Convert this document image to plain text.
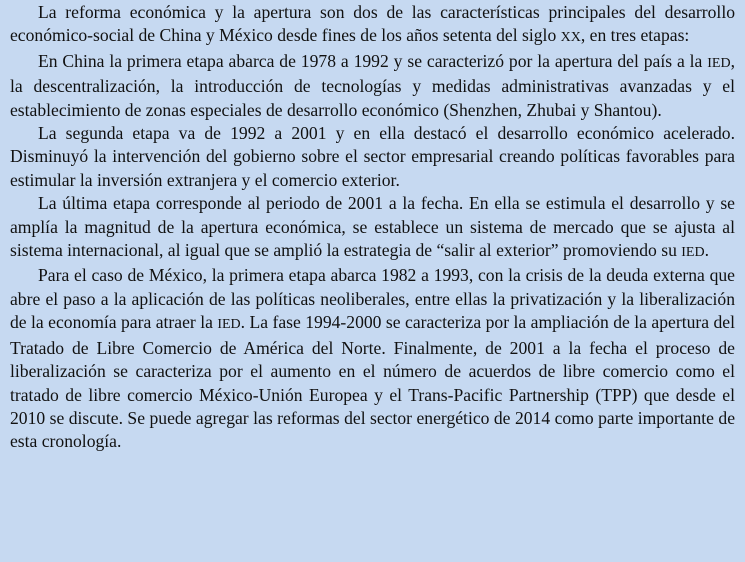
La reforma económica y la apertura son dos de las características principales del desarrollo económico-social de China y México desde fines de los años setenta del siglo XX, en tres etapas:

En China la primera etapa abarca de 1978 a 1992 y se caracterizó por la apertura del país a la IED, la descentralización, la introducción de tecnologías y medidas administrativas avanzadas y el establecimiento de zonas especiales de desarrollo económico (Shenzhen, Zhubai y Shantou).

La segunda etapa va de 1992 a 2001 y en ella destacó el desarrollo económico acelerado. Disminuyó la intervención del gobierno sobre el sector empresarial creando políticas favorables para estimular la inversión extranjera y el comercio exterior.

La última etapa corresponde al periodo de 2001 a la fecha. En ella se estimula el desarrollo y se amplía la magnitud de la apertura económica, se establece un sistema de mercado que se ajusta al sistema internacional, al igual que se amplió la estrategia de “salir al exterior” promoviendo su IED.

Para el caso de México, la primera etapa abarca 1982 a 1993, con la crisis de la deuda externa que abre el paso a la aplicación de las políticas neoliberales, entre ellas la privatización y la liberalización de la economía para atraer la IED. La fase 1994-2000 se caracteriza por la ampliación de la apertura del Tratado de Libre Comercio de América del Norte. Finalmente, de 2001 a la fecha el proceso de liberalización se caracteriza por el aumento en el número de acuerdos de libre comercio como el tratado de libre comercio México-Unión Europea y el Trans-Pacific Partnership (TPP) que desde el 2010 se discute. Se puede agregar las reformas del sector energético de 2014 como parte importante de esta cronología.
